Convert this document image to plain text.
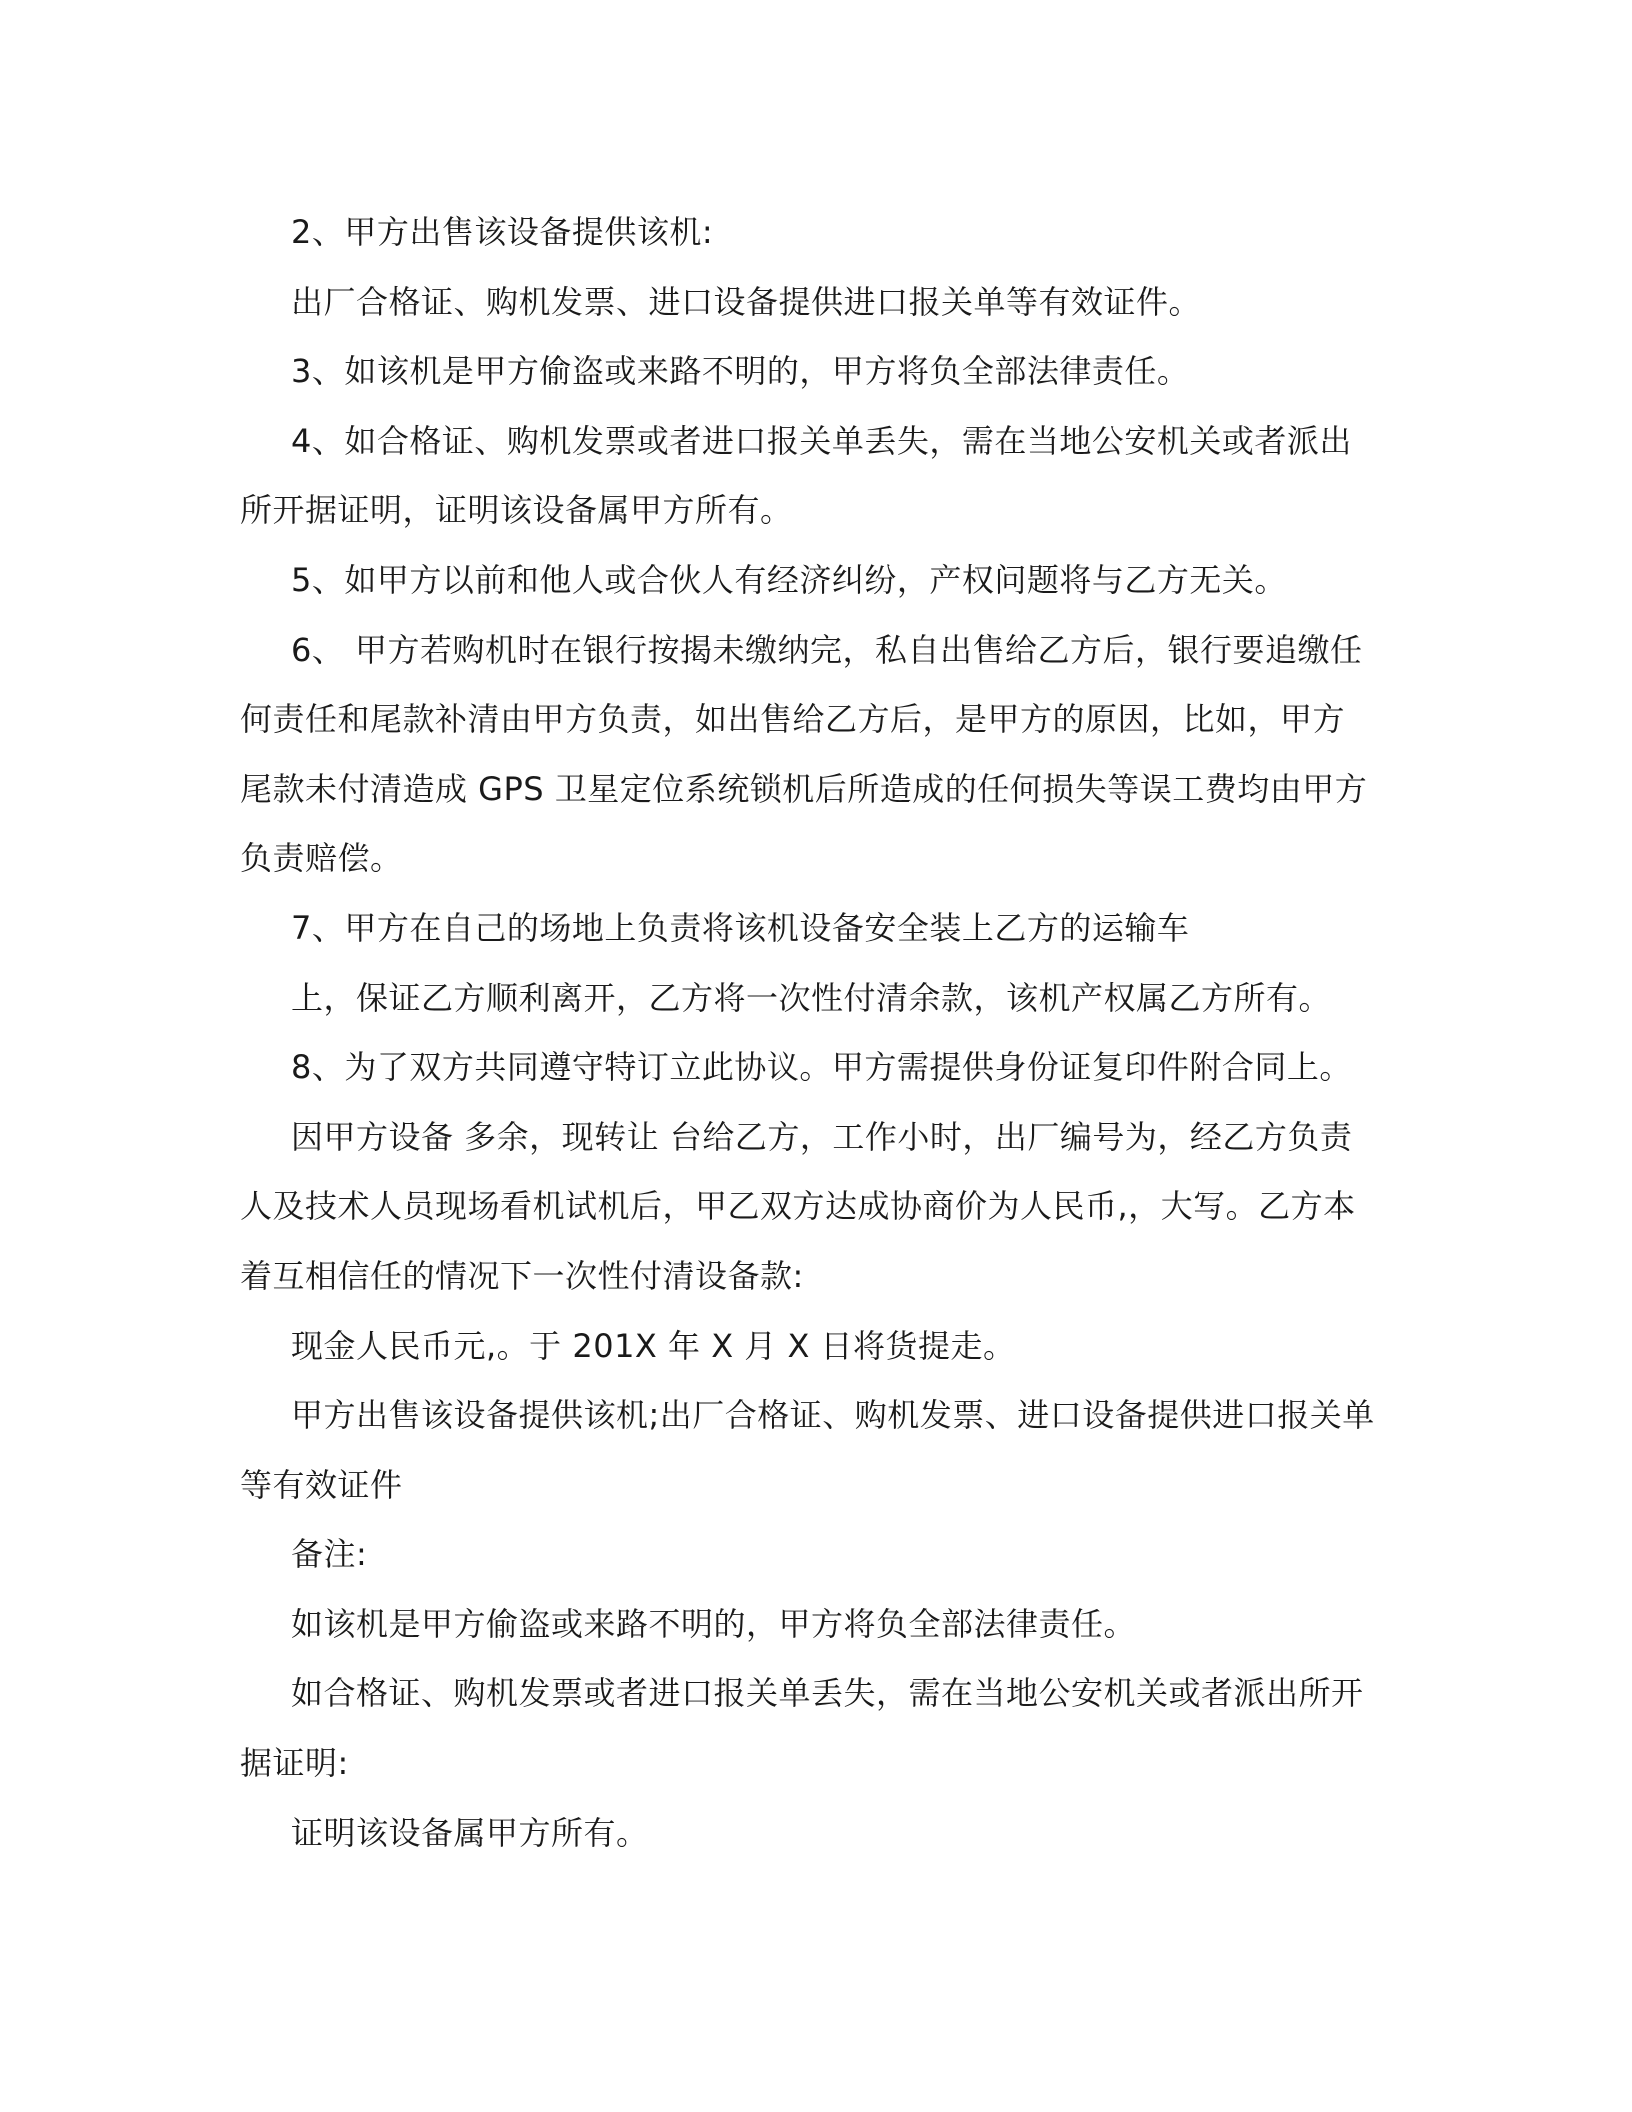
2、甲方出售该设备提供该机:

出厂合格证、购机发票、进口设备提供进口报关单等有效证件。

3、如该机是甲方偷盗或来路不明的，甲方将负全部法律责任。

4、如合格证、购机发票或者进口报关单丢失，需在当地公安机关或者派出所开据证明，证明该设备属甲方所有。

5、如甲方以前和他人或合伙人有经济纠纷，产权问题将与乙方无关。

6、 甲方若购机时在银行按揭未缴纳完，私自出售给乙方后，银行要追缴任何责任和尾款补清由甲方负责，如出售给乙方后，是甲方的原因，比如，甲方尾款未付清造成 GPS 卫星定位系统锁机后所造成的任何损失等误工费均由甲方负责赔偿。

7、甲方在自己的场地上负责将该机设备安全装上乙方的运输车

上，保证乙方顺利离开，乙方将一次性付清余款，该机产权属乙方所有。

8、为了双方共同遵守特订立此协议。甲方需提供身份证复印件附合同上。

因甲方设备 多余，现转让 台给乙方，工作小时，出厂编号为，经乙方负责人及技术人员现场看机试机后，甲乙双方达成协商价为人民币,，大写。乙方本着互相信任的情况下一次性付清设备款:

现金人民币元,。于 201X 年 X 月 X 日将货提走。

甲方出售该设备提供该机;出厂合格证、购机发票、进口设备提供进口报关单等有效证件

备注:

如该机是甲方偷盗或来路不明的，甲方将负全部法律责任。

如合格证、购机发票或者进口报关单丢失，需在当地公安机关或者派出所开据证明:

证明该设备属甲方所有。
